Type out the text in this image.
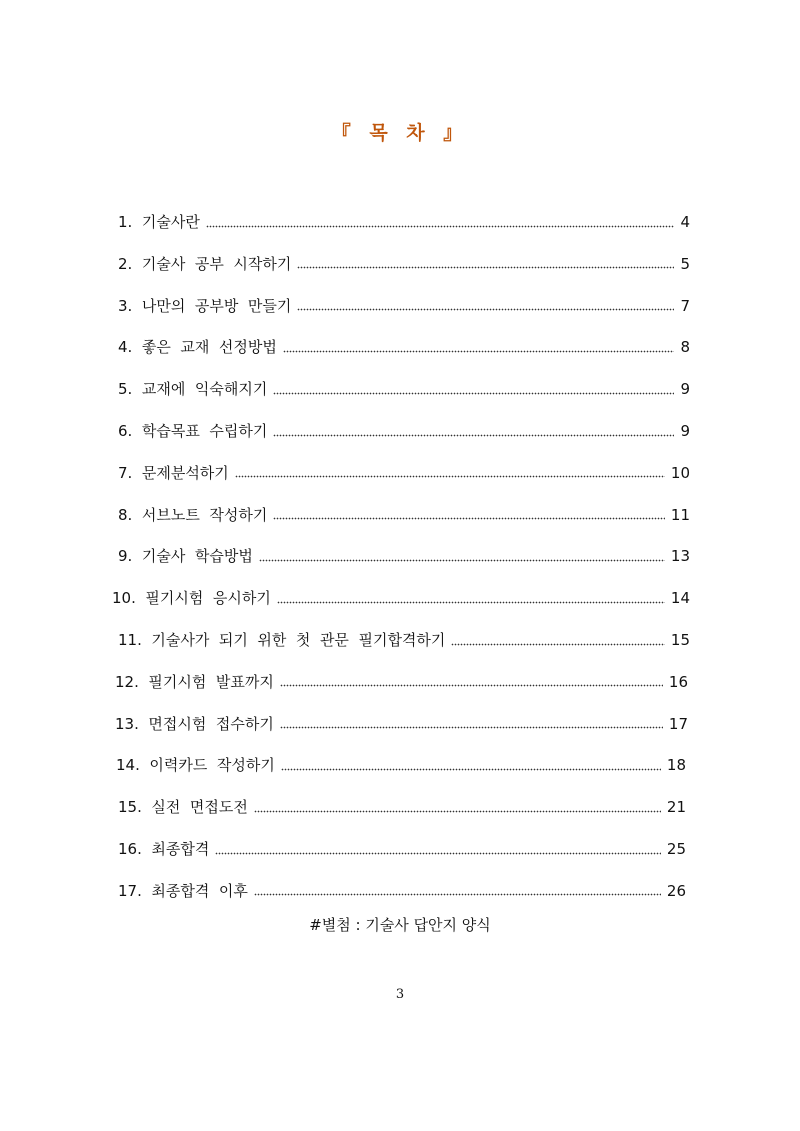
『 목 차 』
1.  기술사란	4
2.  기술사  공부  시작하기	5
3.  나만의  공부방  만들기	7
4.  좋은  교재  선정방법	8
5.  교재에  익숙해지기	9
6.  학습목표  수립하기	9
7.  문제분석하기	10
8.  서브노트  작성하기	11
9.  기술사  학습방법	13
10.  필기시험  응시하기	14
11.  기술사가  되기  위한  첫  관문  필기합격하기	15
12.  필기시험  발표까지	16
13.  면접시험  접수하기	17
14.  이력카드  작성하기	18
15.  실전  면접도전	21
16.  최종합격	25
17.  최종합격  이후	26
#별첨 : 기술사 답안지 양식
3
